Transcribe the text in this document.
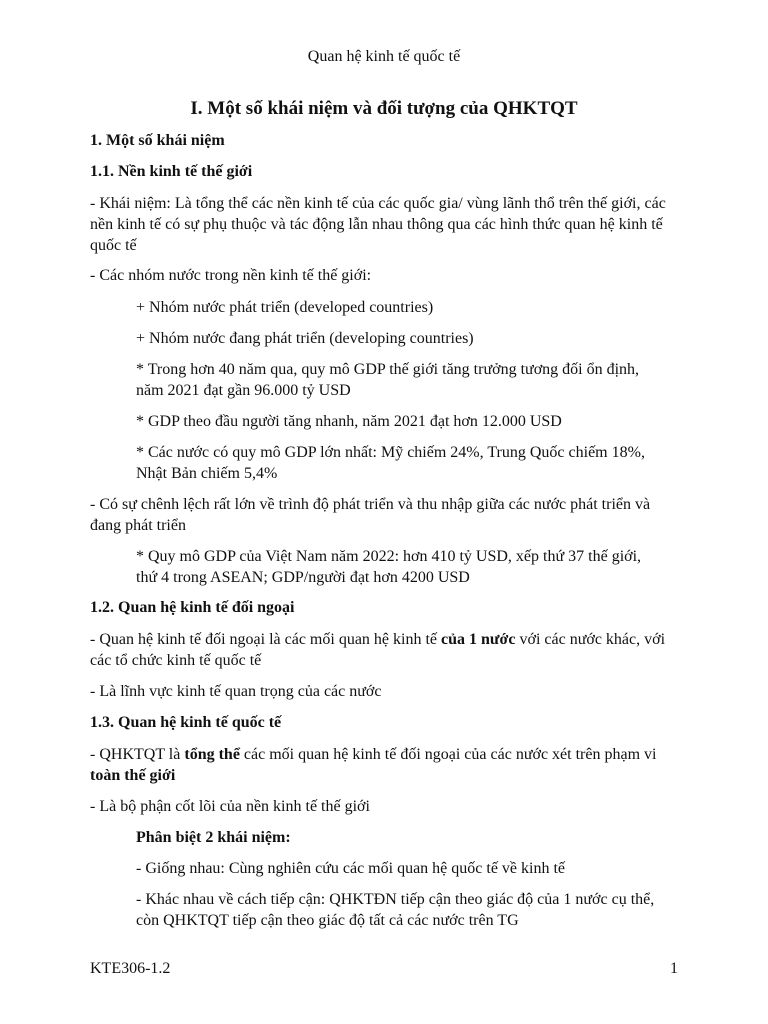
Quan hệ kinh tế quốc tế
I. Một số khái niệm và đối tượng của QHKTQT
1. Một số khái niệm
1.1. Nền kinh tế thế giới
- Khái niệm: Là tổng thể các nền kinh tế của các quốc gia/ vùng lãnh thổ trên thế giới, các
nền kinh tế có sự phụ thuộc và tác động lẫn nhau thông qua các hình thức quan hệ kinh tế
quốc tế
- Các nhóm nước trong nền kinh tế thế giới:
+ Nhóm nước phát triển (developed countries)
+ Nhóm nước đang phát triển (developing countries)
* Trong hơn 40 năm qua, quy mô GDP thế giới tăng trưởng tương đối ổn định,
năm 2021 đạt gần 96.000 tỷ USD
* GDP theo đầu người tăng nhanh, năm 2021 đạt hơn 12.000 USD
* Các nước có quy mô GDP lớn nhất: Mỹ chiếm 24%, Trung Quốc chiếm 18%,
Nhật Bản chiếm 5,4%
- Có sự chênh lệch rất lớn về trình độ phát triển và thu nhập giữa các nước phát triển và
đang phát triển
* Quy mô GDP của Việt Nam năm 2022: hơn 410 tỷ USD, xếp thứ 37 thế giới,
thứ 4 trong ASEAN; GDP/người đạt hơn 4200 USD
1.2. Quan hệ kinh tế đối ngoại
- Quan hệ kinh tế đối ngoại là các mối quan hệ kinh tế của 1 nước với các nước khác, với
các tổ chức kinh tế quốc tế
- Là lĩnh vực kinh tế quan trọng của các nước
1.3. Quan hệ kinh tế quốc tế
- QHKTQT là tổng thể các mối quan hệ kinh tế đối ngoại của các nước xét trên phạm vi
toàn thế giới
- Là bộ phận cốt lõi của nền kinh tế thế giới
Phân biệt 2 khái niệm:
- Giống nhau: Cùng nghiên cứu các mối quan hệ quốc tế về kinh tế
- Khác nhau về cách tiếp cận: QHKTĐN tiếp cận theo giác độ của 1 nước cụ thể,
còn QHKTQT tiếp cận theo giác độ tất cả các nước trên TG
KTE306-1.2	1
